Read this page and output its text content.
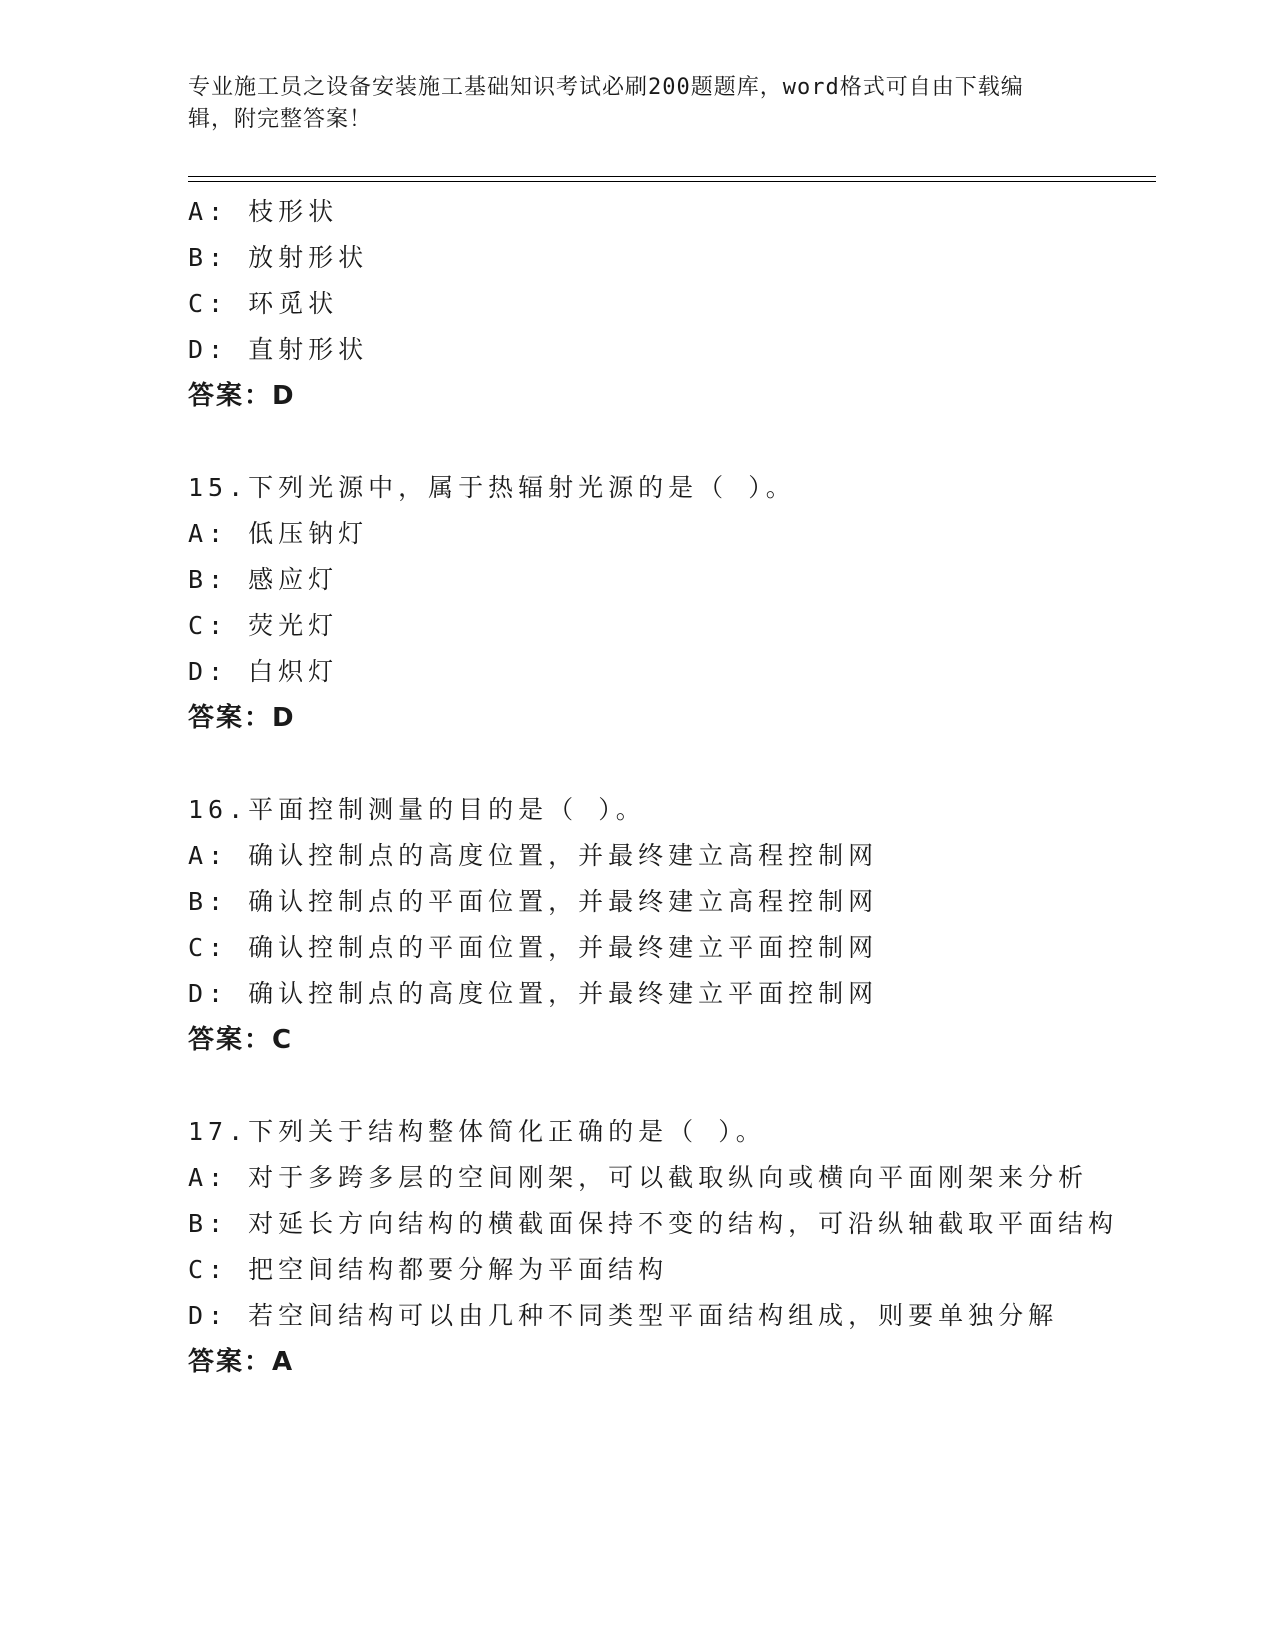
专业施工员之设备安装施工基础知识考试必刷200题题库，word格式可自由下载编辑，附完整答案！
A: 枝形状
B: 放射形状
C: 环觅状
D: 直射形状
答案：D
15.下列光源中，属于热辐射光源的是（ ）。
A: 低压钠灯
B: 感应灯
C: 荧光灯
D: 白炽灯
答案：D
16.平面控制测量的目的是（ ）。
A: 确认控制点的高度位置，并最终建立高程控制网
B: 确认控制点的平面位置，并最终建立高程控制网
C: 确认控制点的平面位置，并最终建立平面控制网
D: 确认控制点的高度位置，并最终建立平面控制网
答案：C
17.下列关于结构整体简化正确的是（ ）。
A: 对于多跨多层的空间刚架，可以截取纵向或横向平面刚架来分析
B: 对延长方向结构的横截面保持不变的结构，可沿纵轴截取平面结构
C: 把空间结构都要分解为平面结构
D: 若空间结构可以由几种不同类型平面结构组成，则要单独分解
答案：A
